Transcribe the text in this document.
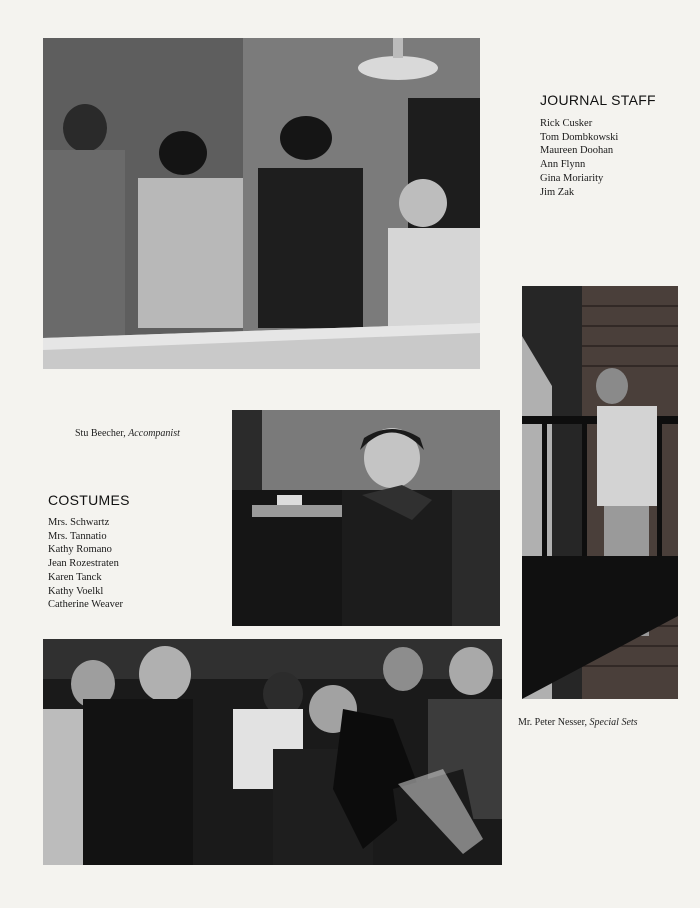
JOURNAL STAFF
Rick Cusker
Tom Dombkowski
Maureen Doohan
Ann Flynn
Gina Moriarity
Jim Zak
Stu Beecher, Accompanist
COSTUMES
Mrs. Schwartz
Mrs. Tannatio
Kathy Romano
Jean Rozestraten
Karen Tanck
Kathy Voelkl
Catherine Weaver
Mr. Peter Nesser, Special Sets
